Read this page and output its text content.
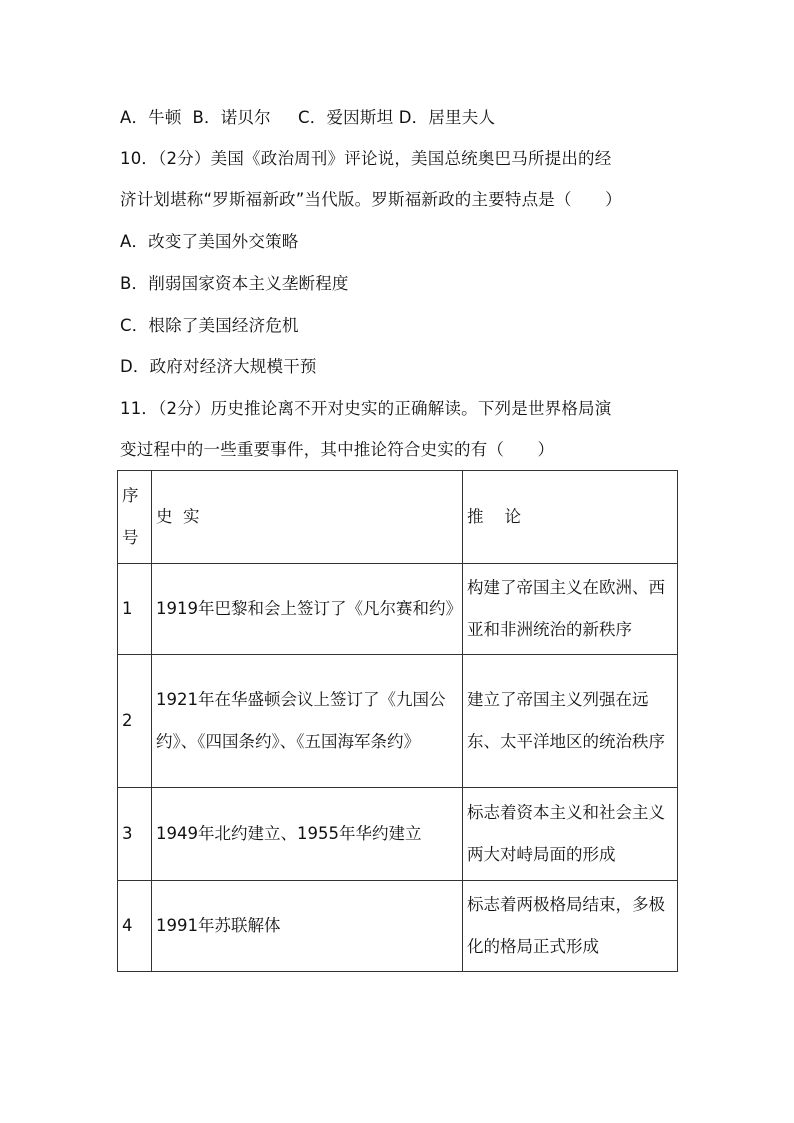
A．牛顿 B．诺贝尔 C．爱因斯坦 D．居里夫人
10．（2分）美国《政治周刊》评论说，美国总统奥巴马所提出的经
济计划堪称“罗斯福新政”当代版。罗斯福新政的主要特点是（　　）
A．改变了美国外交策略
B．削弱国家资本主义垄断程度
C．根除了美国经济危机
D．政府对经济大规模干预
11．（2分）历史推论离不开对史实的正确解读。下列是世界格局演
变过程中的一些重要事件，其中推论符合史实的有（　　）
序
号	史  实	推    论
1	1919年巴黎和会上签订了《凡尔赛和约》	构建了帝国主义在欧洲、西亚和非洲统治的新秩序
2	1921年在华盛顿会议上签订了《九国公约》、《四国条约》、《五国海军条约》	建立了帝国主义列强在远东、太平洋地区的统治秩序
3	1949年北约建立、1955年华约建立	标志着资本主义和社会主义两大对峙局面的形成
4	1991年苏联解体	标志着两极格局结束，多极化的格局正式形成
